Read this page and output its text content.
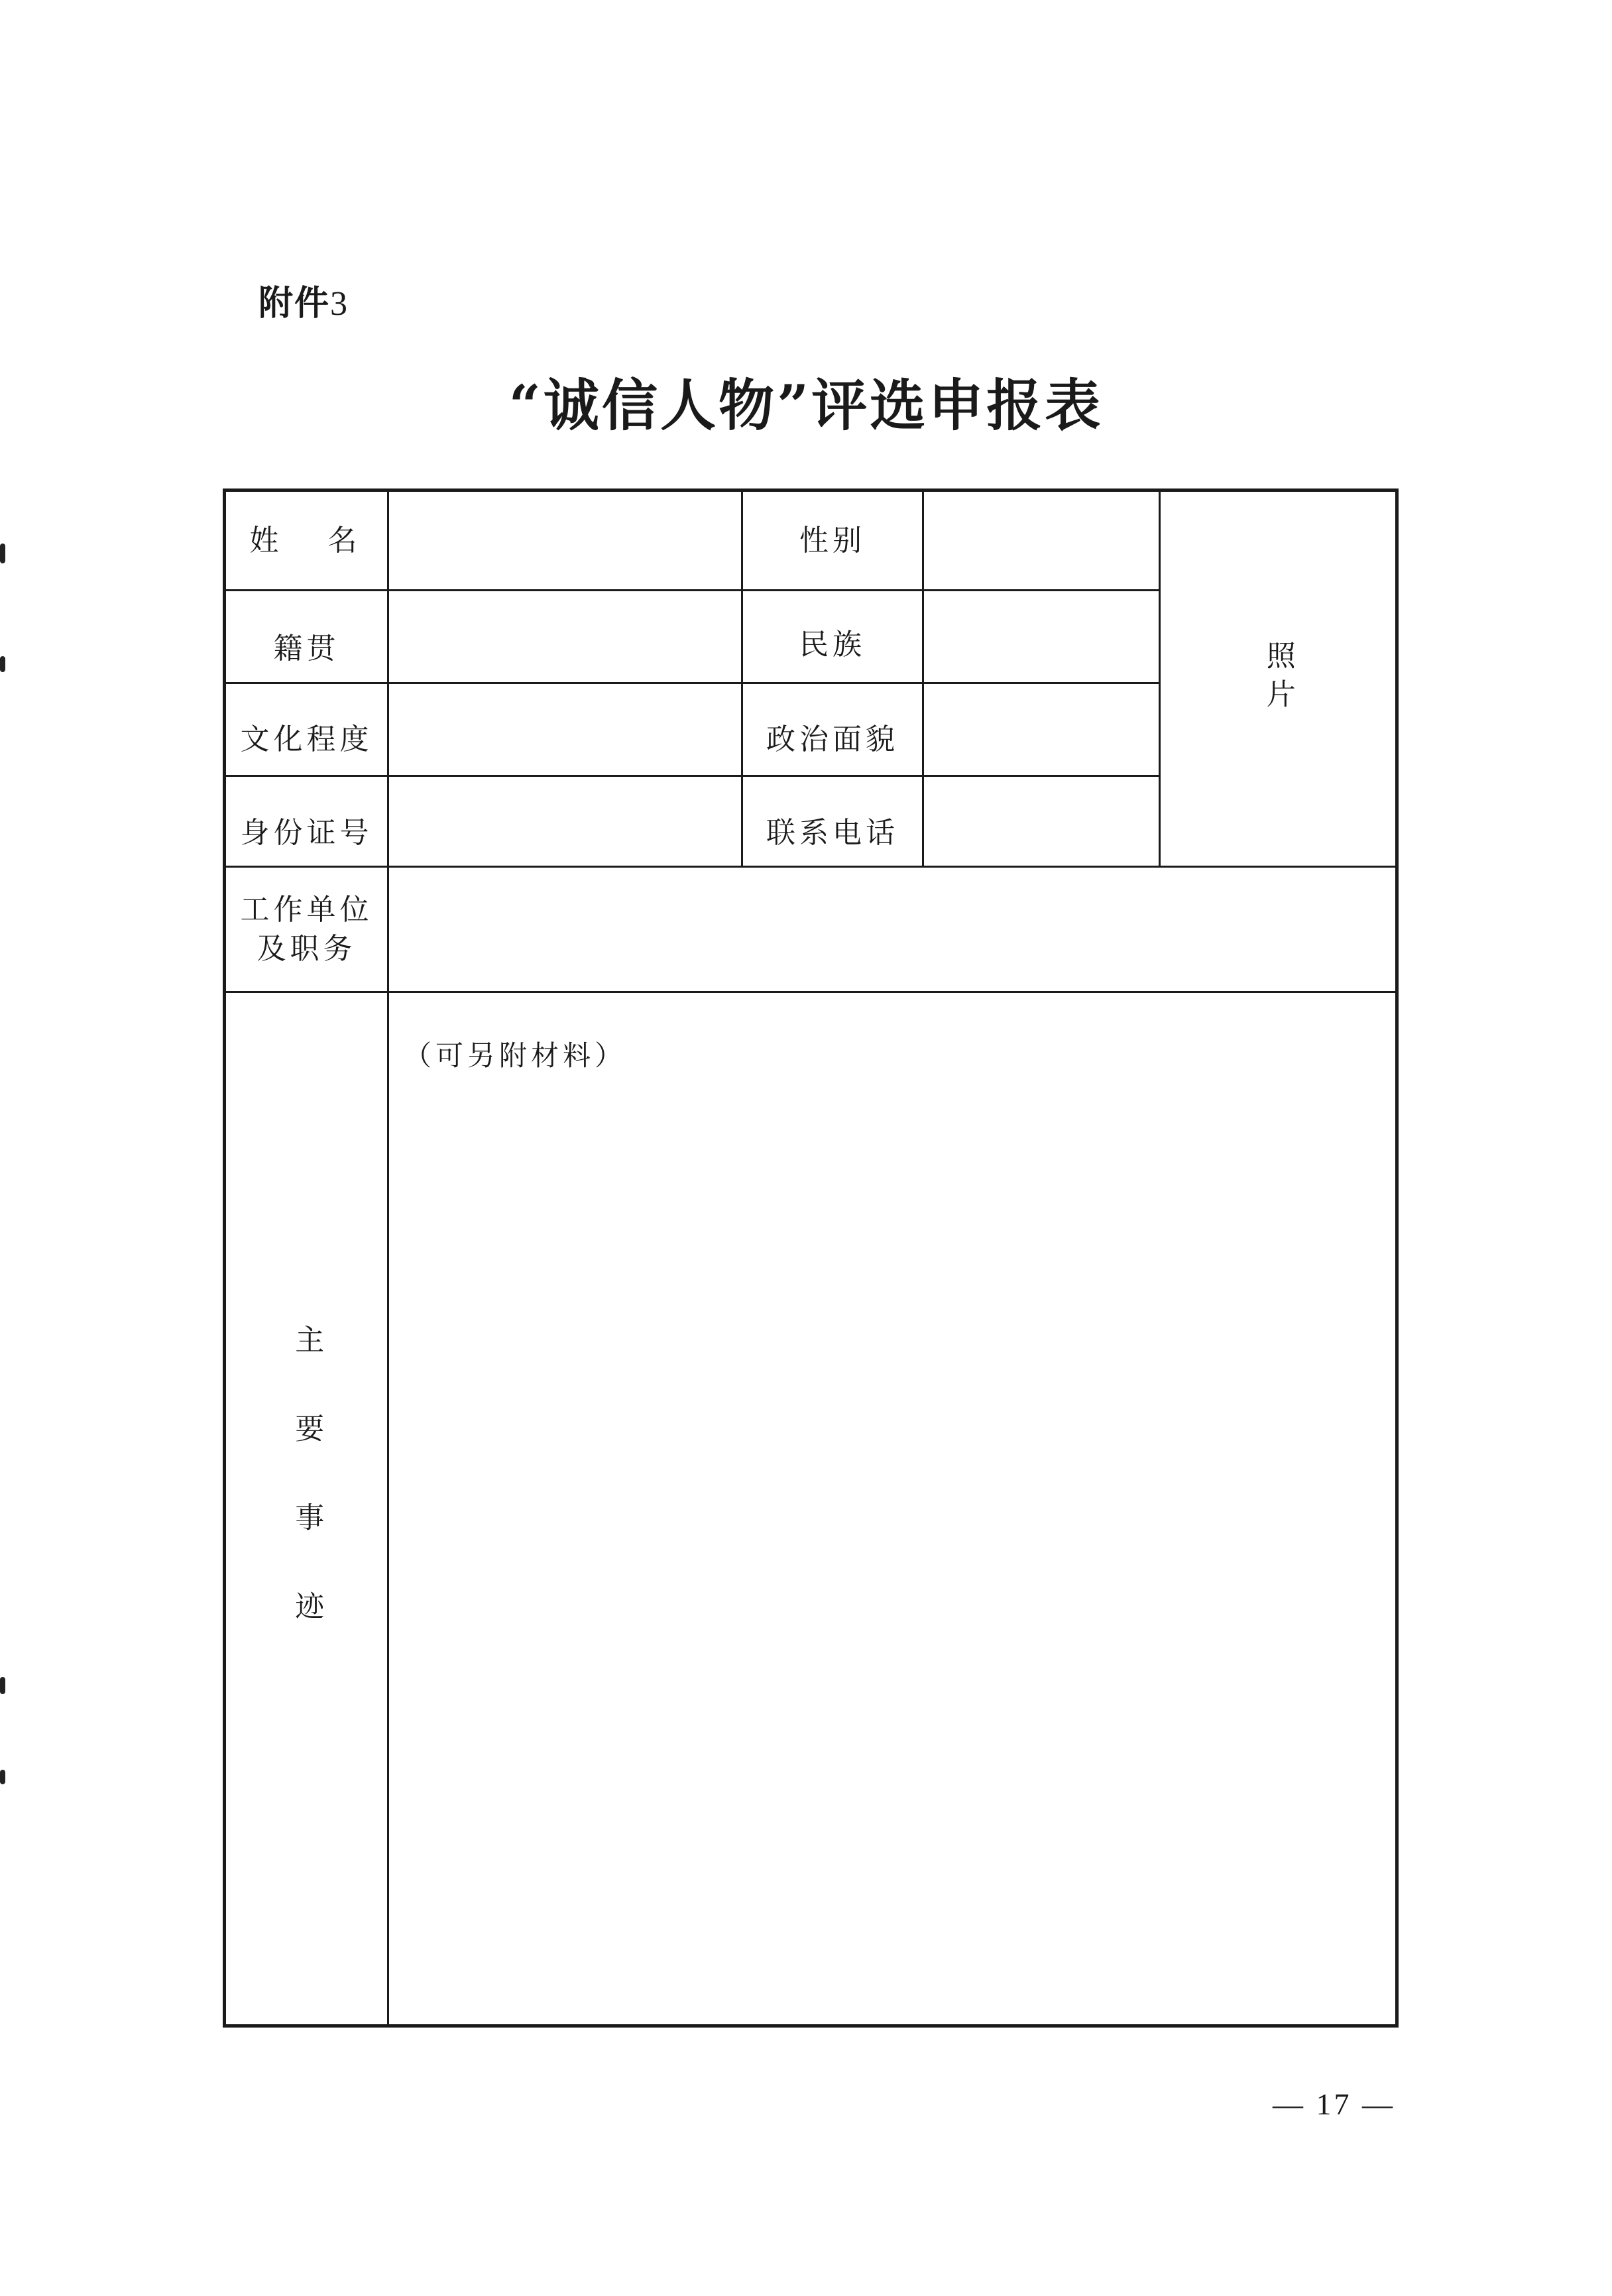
附件3
“诚信人物”评选申报表
姓 名	性别
照片
籍贯	民族
文化程度	政治面貌
身份证号	联系电话
工作单位
及职务
主要事迹
（可另附材料）
— 17 —
